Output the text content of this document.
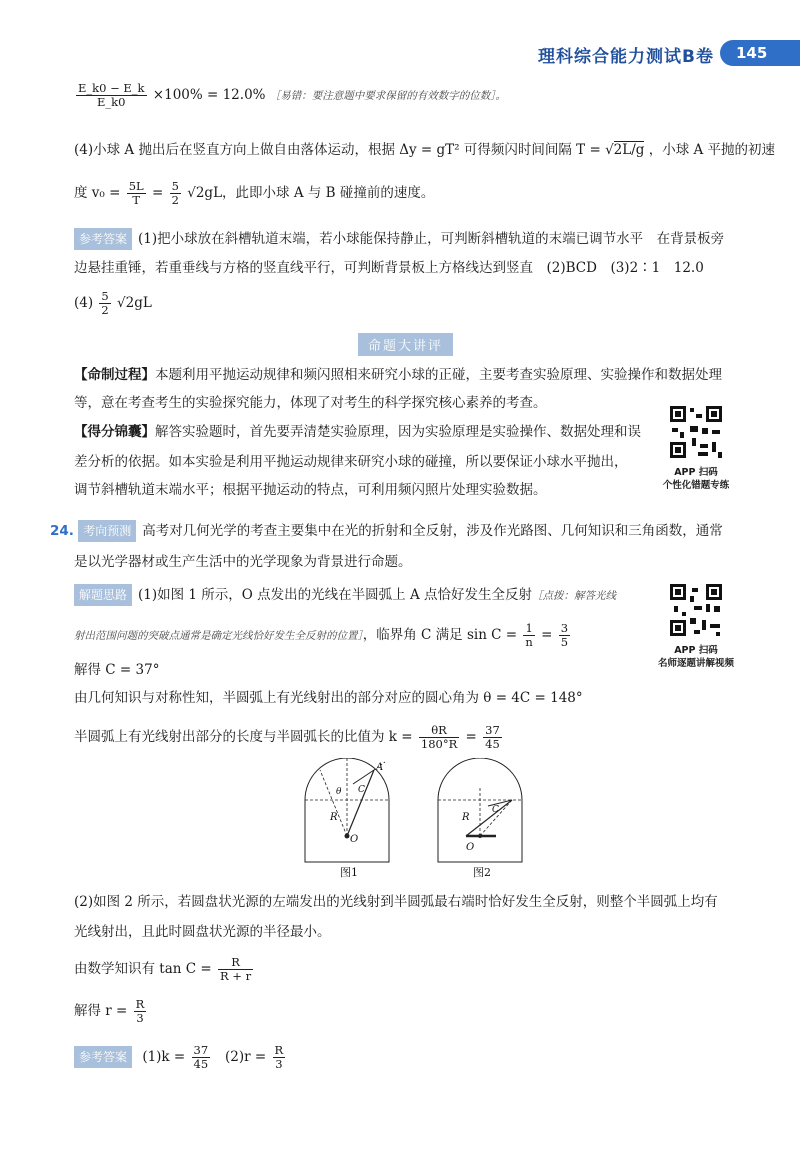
理科综合能力测试B卷	145
$\frac{E\_k0 - E\_k}{E\_k0} \times 100\% = 12.0\%$ ［易错：要注意题中要求保留的有效数字的位数］。
(4)小球 A 抛出后在竖直方向上做自由落体运动，根据 Δy = gT² 可得频闪时间间隔 T = √2L/g ，小球 A 平抛的初速
度 $v_0 = \frac{5L}{T} = \frac{5}{2} √2gL$，此即小球 A 与 B 碰撞前的速度。
参考答案 (1)把小球放在斜槽轨道末端，若小球能保持静止，可判断斜槽轨道的末端已调节水平　在背景板旁
边悬挂重锤，若重垂线与方格的竖直线平行，可判断背景板上方格线达到竖直　(2)BCD　(3)2∶1　12.0
$(4) \frac{5}{2} √2gL$
命题大讲评
【命制过程】本题利用平抛运动规律和频闪照相来研究小球的正碰，主要考查实验原理、实验操作和数据处理
等，意在考查考生的实验探究能力，体现了对考生的科学探究核心素养的考查。
【得分锦囊】解答实验题时，首先要弄清楚实验原理，因为实验原理是实验操作、数据处理和误
差分析的依据。如本实验是利用平抛运动规律来研究小球的碰撞，所以要保证小球水平抛出，
调节斜槽轨道末端水平；根据平抛运动的特点，可利用频闪照片处理实验数据。
APP 扫码
个性化错题专练
24. 考向预测 高考对几何光学的考查主要集中在光的折射和全反射，涉及作光路图、几何知识和三角函数，通常
是以光学器材或生产生活中的光学现象为背景进行命题。
解题思路 (1)如图 1 所示，O 点发出的光线在半圆弧上 A 点恰好发生全反射［点拨：解答光线
射出范围问题的突破点通常是确定光线恰好发生全反射的位置］，临界角 C 满足 $\sin C = \frac{1}{n} = \frac{3}{5}$
解得 C = 37°
由几何知识与对称性知，半圆弧上有光线射出的部分对应的圆心角为 θ = 4C = 148°
半圆弧上有光线射出部分的长度与半圆弧长的比值为 $k = \frac{\theta R}{180^\circ R} = \frac{37}{45}$
APP 扫码
名师逐题讲解视频
A
θ C
R
O
图1
C
R
O
图2
(2)如图 2 所示，若圆盘状光源的左端发出的光线射到半圆弧最右端时恰好发生全反射，则整个半圆弧上均有
光线射出，且此时圆盘状光源的半径最小。
由数学知识有 $\tan C = \frac{R}{R + r}$
解得 $r = \frac{R}{3}$
参考答案 $(1)k = \frac{37}{45} (2)r = \frac{R}{3}$
